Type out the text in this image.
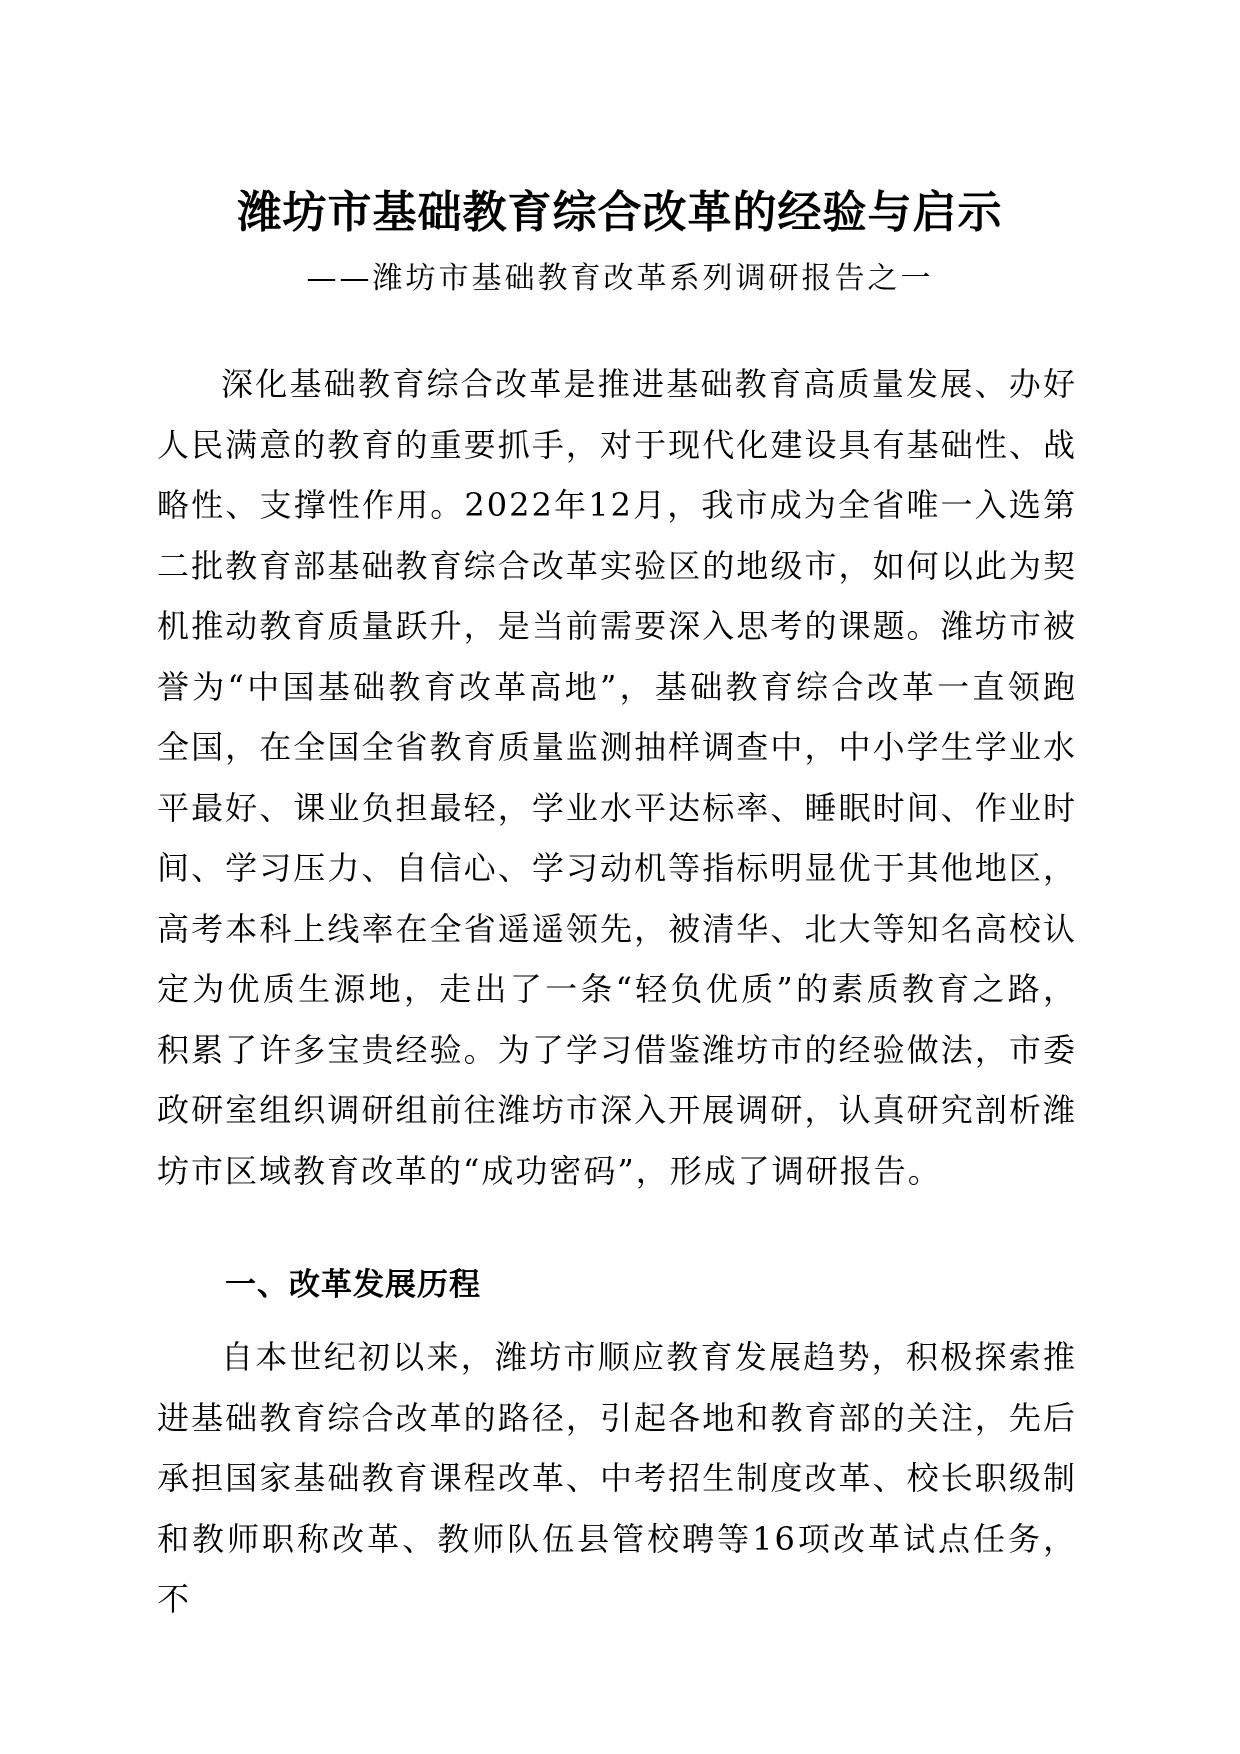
潍坊市基础教育综合改革的经验与启示
——潍坊市基础教育改革系列调研报告之一

深化基础教育综合改革是推进基础教育高质量发展、办好人民满意的教育的重要抓手，对于现代化建设具有基础性、战略性、支撑性作用。2022年12月，我市成为全省唯一入选第二批教育部基础教育综合改革实验区的地级市，如何以此为契机推动教育质量跃升，是当前需要深入思考的课题。潍坊市被誉为“中国基础教育改革高地”，基础教育综合改革一直领跑全国，在全国全省教育质量监测抽样调查中，中小学生学业水平最好、课业负担最轻，学业水平达标率、睡眠时间、作业时间、学习压力、自信心、学习动机等指标明显优于其他地区，高考本科上线率在全省遥遥领先，被清华、北大等知名高校认定为优质生源地，走出了一条“轻负优质”的素质教育之路，积累了许多宝贵经验。为了学习借鉴潍坊市的经验做法，市委政研室组织调研组前往潍坊市深入开展调研，认真研究剖析潍坊市区域教育改革的“成功密码”，形成了调研报告。

一、改革发展历程

自本世纪初以来，潍坊市顺应教育发展趋势，积极探索推进基础教育综合改革的路径，引起各地和教育部的关注，先后承担国家基础教育课程改革、中考招生制度改革、校长职级制和教师职称改革、教师队伍县管校聘等16项改革试点任务，不
